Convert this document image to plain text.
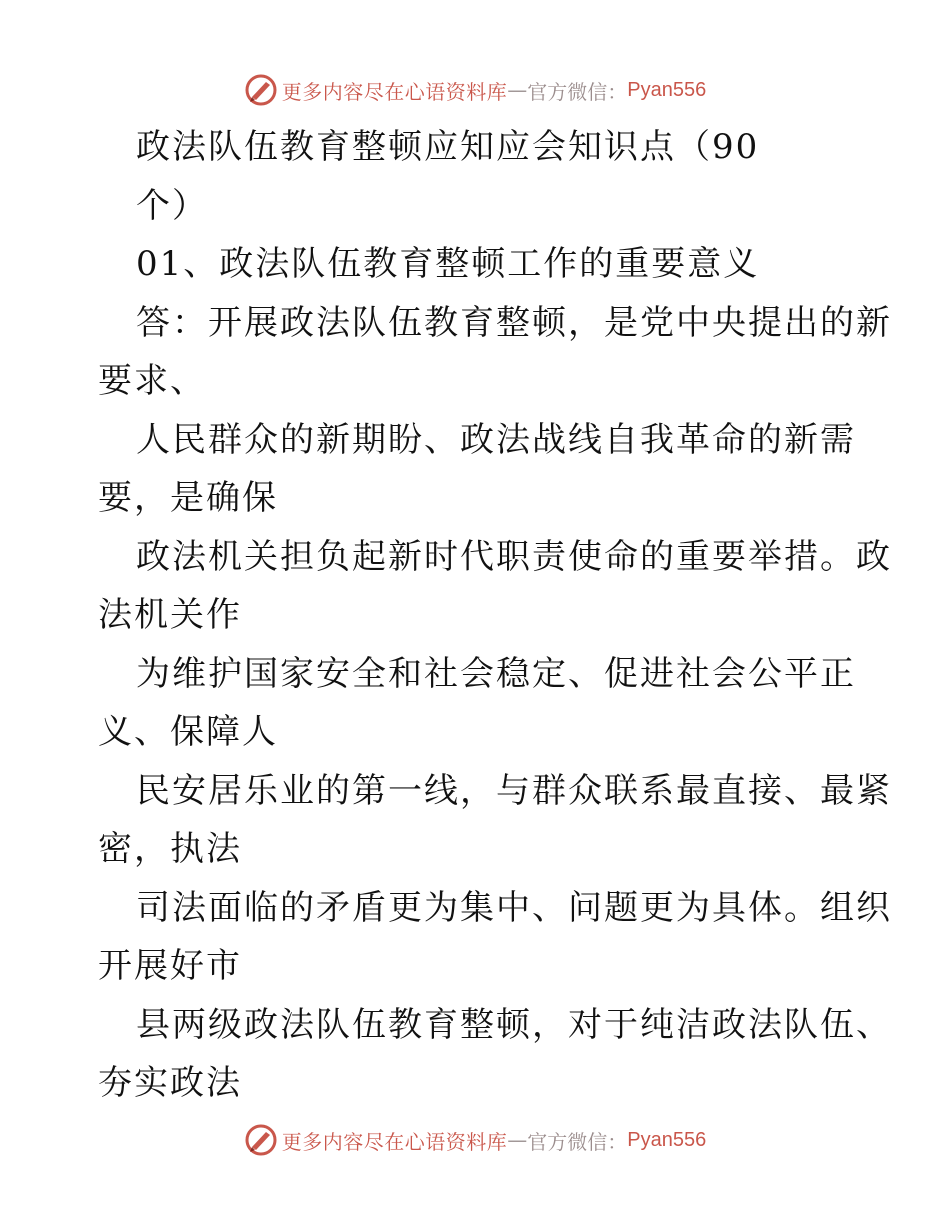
更多内容尽在心语资料库 — 官方微信： Pyan556
政法队伍教育整顿应知应会知识点（90
个）
01、政法队伍教育整顿工作的重要意义
答：开展政法队伍教育整顿，是党中央提出的新
要求、
人民群众的新期盼、政法战线自我革命的新需
要，是确保
政法机关担负起新时代职责使命的重要举措。政
法机关作
为维护国家安全和社会稳定、促进社会公平正
义、保障人
民安居乐业的第一线，与群众联系最直接、最紧
密，执法
司法面临的矛盾更为集中、问题更为具体。组织
开展好市
县两级政法队伍教育整顿，对于纯洁政法队伍、
夯实政法
更多内容尽在心语资料库 — 官方微信： Pyan556
